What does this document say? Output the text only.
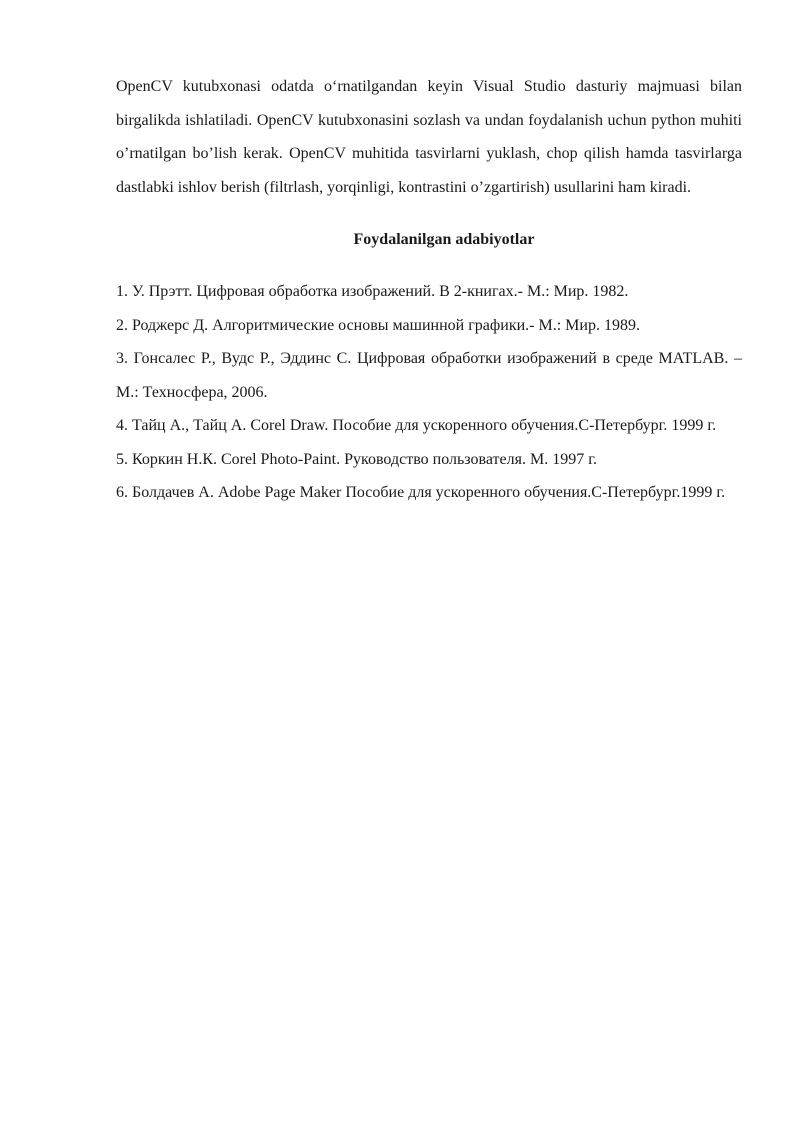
OpenCV kutubxonasi odatda o‘rnatilgandan keyin Visual Studio dasturiy majmuasi bilan birgalikda ishlatiladi. OpenCV kutubxonasini sozlash va undan foydalanish uchun python muhiti o’rnatilgan bo’lish kerak. OpenCV muhitida tasvirlarni yuklash, chop qilish hamda tasvirlarga dastlabki ishlov berish (filtrlash, yorqinligi, kontrastini o’zgartirish) usullarini ham kiradi.

Foydalanilgan adabiyotlar
1. У. Прэтт. Цифровая обработка изображений. В 2-книгах.- М.: Мир. 1982.
2. Роджерс Д. Алгоритмические основы машинной графики.- М.: Мир. 1989.
3. Гонсалес Р., Вудс Р., Эддинс С. Цифровая обработки изображений в среде MATLAB. – М.: Техносфера, 2006.
4. Тайц А., Тайц А. Corel Draw. Пособие для ускоренного обучения.С-Петербург. 1999 г.
5. Коркин Н.К. Corel Photo-Paint. Руководство пользователя. М. 1997 г.
6. Болдачев А. Adobe Page Maker Пособие для ускоренного обучения.С-Петербург.1999 г.
